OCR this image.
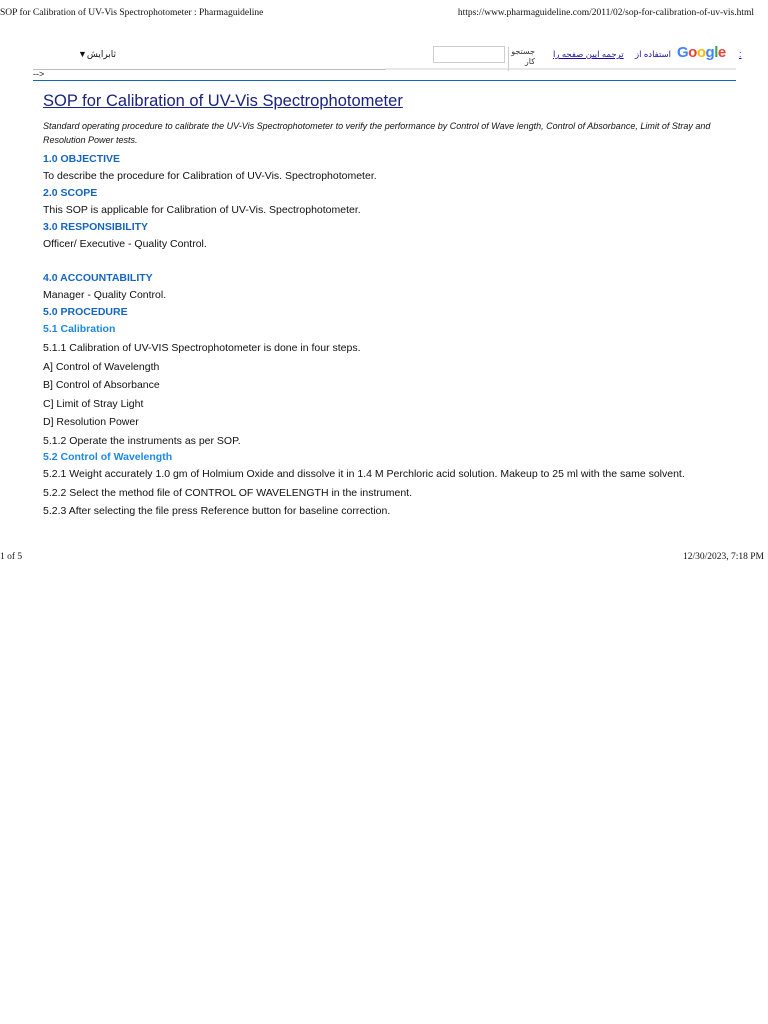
SOP for Calibration of UV-Vis Spectrophotometer : Pharmaguideline	https://www.pharmaguideline.com/2011/02/sop-for-calibration-of-uv-vis.html
▼ثابرایش
-->
جستجو کار
ترجمه ایین صفحه را استفاده از Google :
SOP for Calibration of UV-Vis Spectrophotometer
Standard operating procedure to calibrate the UV-Vis Spectrophotometer to verify the performance by Control of Wave length, Control of Absorbance, Limit of Stray and Resolution Power tests.
1.0 OBJECTIVE
To describe the procedure for Calibration of UV-Vis. Spectrophotometer.
2.0 SCOPE
This SOP is applicable for Calibration of UV-Vis. Spectrophotometer.
3.0 RESPONSIBILITY
Officer/ Executive - Quality Control.
4.0 ACCOUNTABILITY
Manager - Quality Control.
5.0 PROCEDURE
5.1 Calibration
5.1.1 Calibration of UV-VIS Spectrophotometer is done in four steps.
A] Control of Wavelength
B] Control of Absorbance
C] Limit of Stray Light
D] Resolution Power
5.1.2 Operate the instruments as per SOP.
5.2 Control of Wavelength
5.2.1 Weight accurately 1.0 gm of Holmium Oxide and dissolve it in 1.4 M Perchloric acid solution. Makeup to 25 ml with the same solvent.
5.2.2 Select the method file of CONTROL OF WAVELENGTH in the instrument.
5.2.3 After selecting the file press Reference button for baseline correction.
1 of 5	12/30/2023, 7:18 PM
